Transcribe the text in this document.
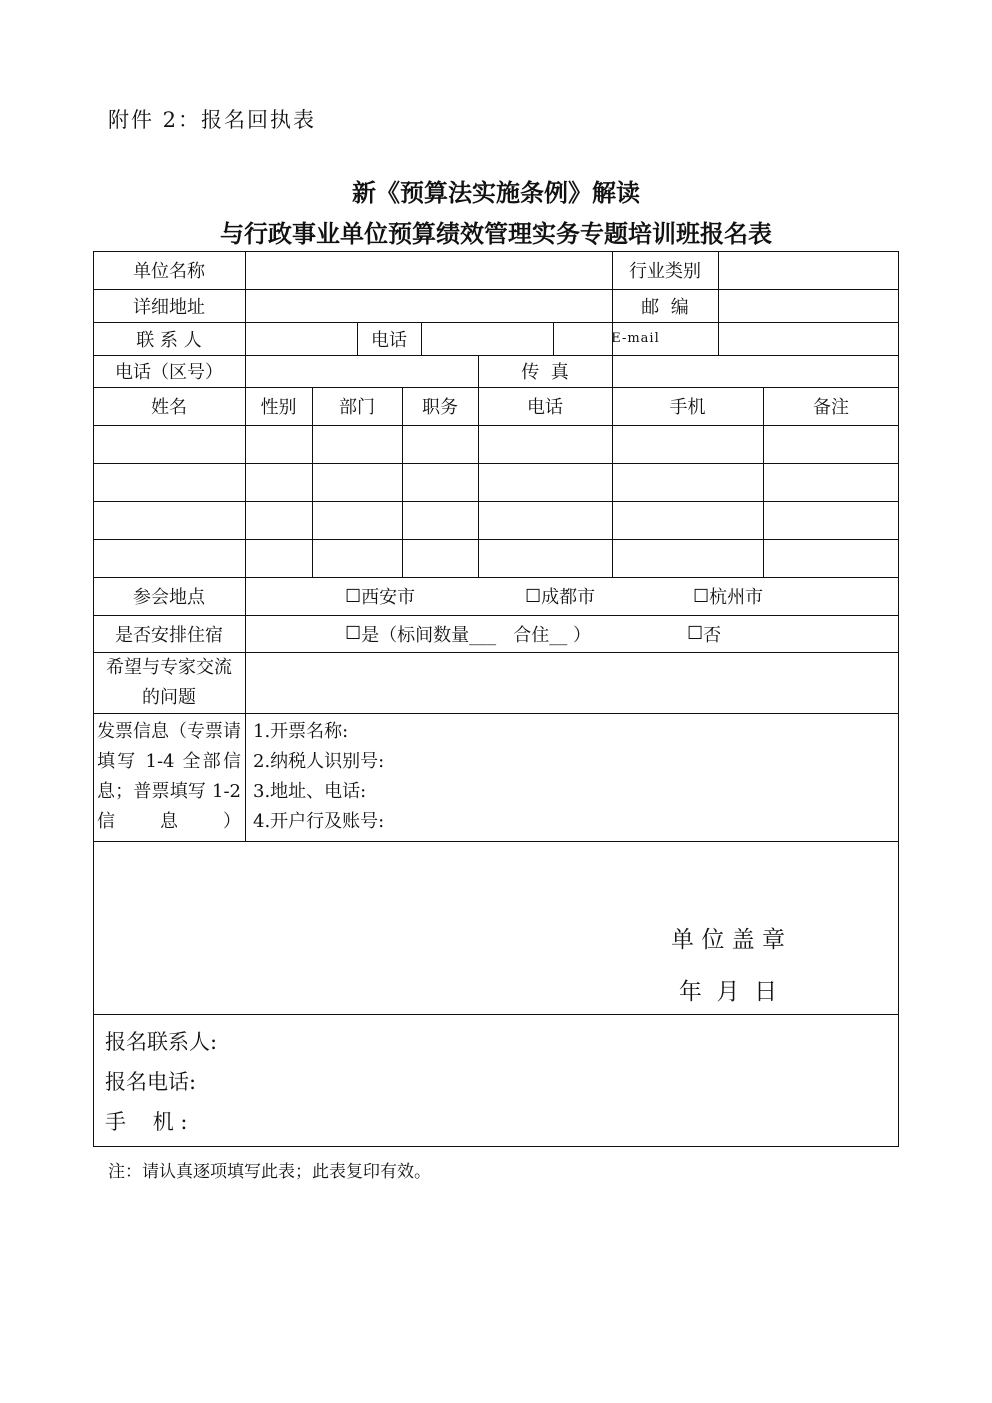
附件 2：报名回执表
新《预算法实施条例》解读
与行政事业单位预算绩效管理实务专题培训班报名表
单位名称	行业类别
详细地址	邮  编
联 系 人	电话	E-mail
电话（区号）	传  真
姓名	性别	部门	职务	电话	手机	备注
参会地点	☐ 西安市	☐ 成都市	☐ 杭州市
是否安排住宿	☐ 是（标间数量___   合住__ ）	☐ 否
希望与专家交流的问题
发票信息（专票请填写 1-4 全部信息；普票填写 1-2 信息）
1.开票名称:
2.纳税人识别号:
3.地址、电话:
4.开户行及账号:
单 位 盖 章
年  月  日
报名联系人:
报名电话:
手    机 :
注：请认真逐项填写此表；此表复印有效。
